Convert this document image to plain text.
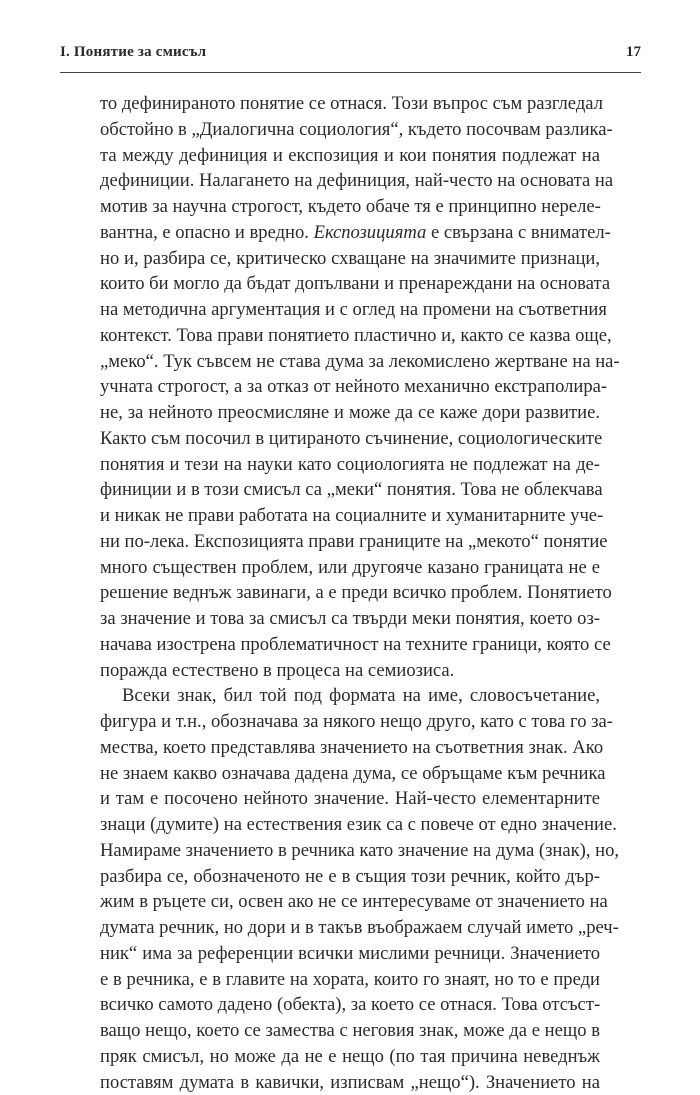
I. Понятие за смисъл	17
то дефинираното понятие се отнася. Този въпрос съм разгледал
обстойно в „Диалогична социология“, където посочвам разлика-
та между дефиниция и експозиция и кои понятия подлежат на
дефиниции. Налагането на дефиниция, най-често на основата на
мотив за научна строгост, където обаче тя е принципно нереле-
вантна, е опасно и вредно. Експозицията е свързана с внимател-
но и, разбира се, критическо схващане на значимите признаци,
които би могло да бъдат допълвани и пренареждани на основата
на методична аргументация и с оглед на промени на съответния
контекст. Това прави понятието пластично и, както се казва още,
„меко“. Тук съвсем не става дума за лекомислено жертване на на-
учната строгост, а за отказ от нейното механично екстраполира-
не, за нейното преосмисляне и може да се каже дори развитие.
Както съм посочил в цитираното съчинение, социологическите
понятия и тези на науки като социологията не подлежат на де-
финиции и в този смисъл са „меки“ понятия. Това не облекчава
и никак не прави работата на социалните и хуманитарните уче-
ни по-лека. Експозицията прави границите на „мекото“ понятие
много съществен проблем, или другояче казано границата не е
решение веднъж завинаги, а е преди всичко проблем. Понятието
за значение и това за смисъл са твърди меки понятия, което оз-
начава изострена проблематичност на техните граници, която се
поражда естествено в процеса на семиозиса.
Всеки знак, бил той под формата на име, словосъчетание,
фигура и т.н., обозначава за някого нещо друго, като с това го за-
мества, което представлява значението на съответния знак. Ако
не знаем какво означава дадена дума, се обръщаме към речника
и там е посочено нейното значение. Най-често елементарните
знаци (думите) на естествения език са с повече от едно значение.
Намираме значението в речника като значение на дума (знак), но,
разбира се, обозначеното не е в същия този речник, който дър-
жим в ръцете си, освен ако не се интересуваме от значението на
думата речник, но дори и в такъв въображаем случай името „реч-
ник“ има за референции всички мислими речници. Значението
е в речника, е в главите на хората, които го знаят, но то е преди
всичко самото дадено (обекта), за което се отнася. Това отсъст-
ващо нещо, което се замества с неговия знак, може да е нещо в
пряк смисъл, но може да не е нещо (по тая причина неведнъж
поставям думата в кавички, изписвам „нещо“). Значението на
